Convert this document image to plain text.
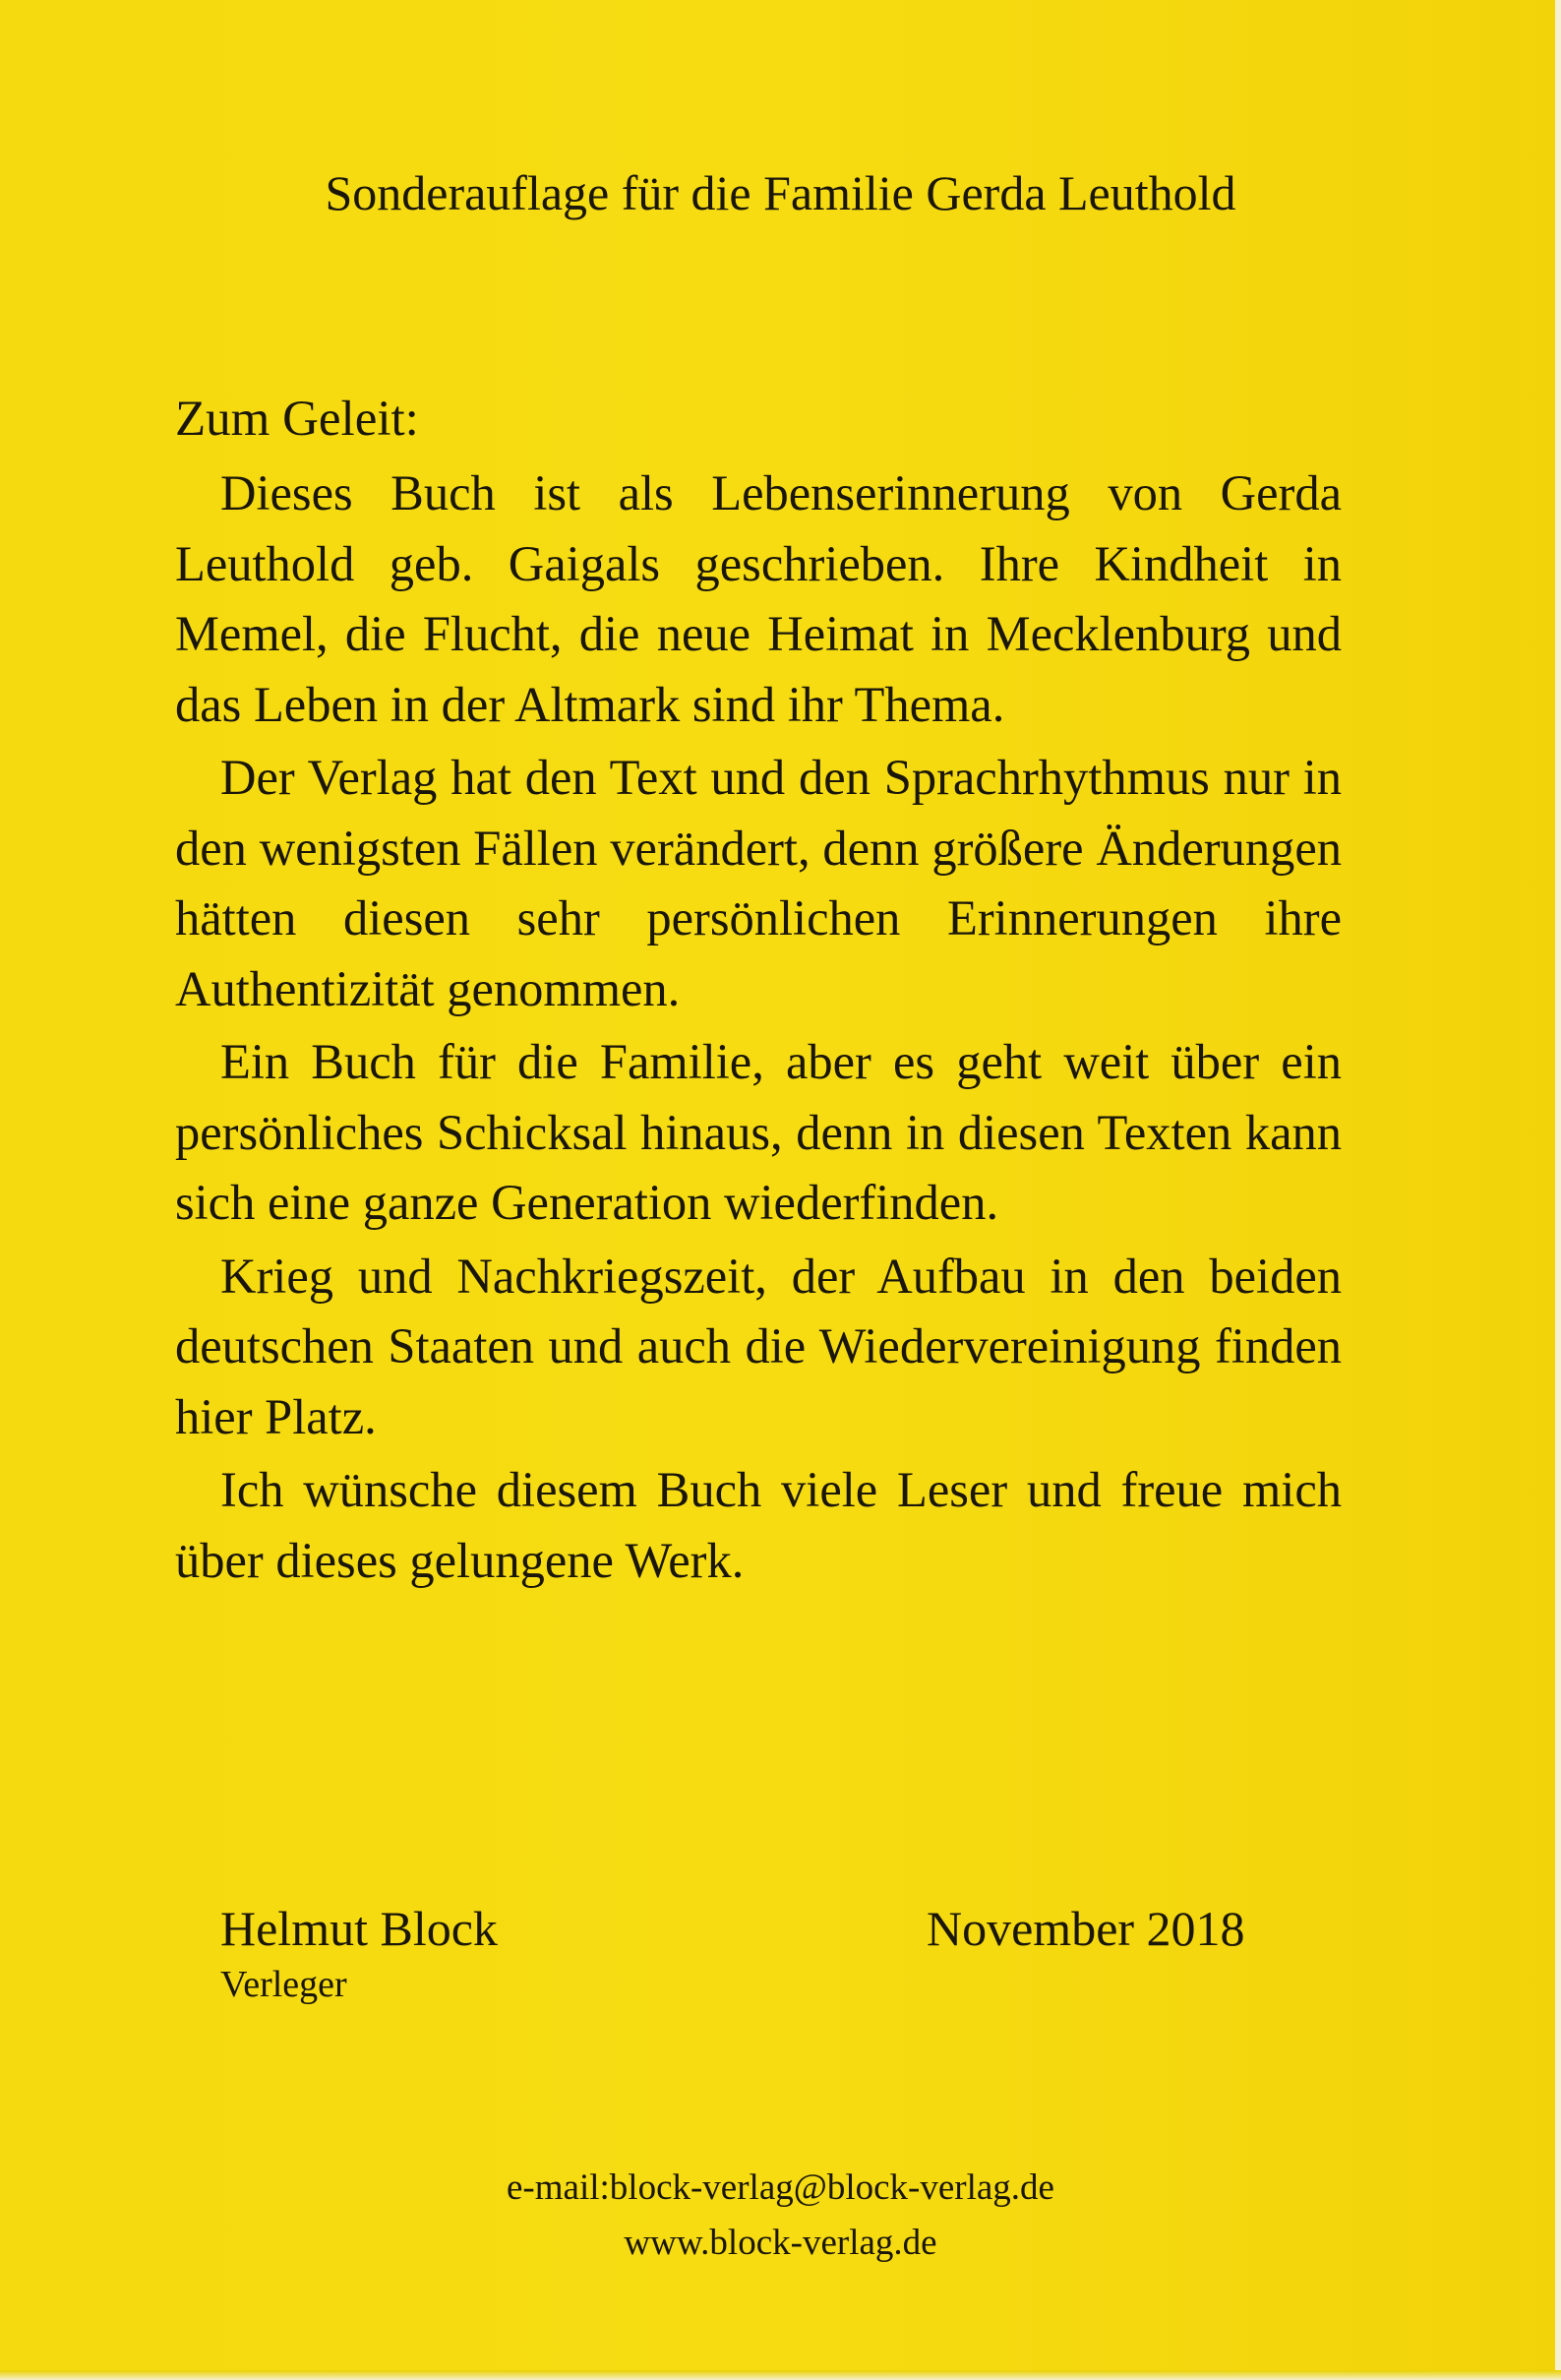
Sonderauflage für die Familie Gerda Leuthold
Zum Geleit:

Dieses Buch ist als Lebenserinnerung von Gerda Leuthold geb. Gaigals geschrieben. Ihre Kindheit in Memel, die Flucht, die neue Heimat in Mecklenburg und das Leben in der Altmark sind ihr Thema.

Der Verlag hat den Text und den Sprachrhythmus nur in den wenigsten Fällen verändert, denn größere Änderungen hätten diesen sehr persönlichen Erinnerungen ihre Authentizität genommen.

Ein Buch für die Familie, aber es geht weit über ein persönliches Schicksal hinaus, denn in diesen Texten kann sich eine ganze Generation wiederfinden.

Krieg und Nachkriegszeit, der Aufbau in den beiden deutschen Staaten und auch die Wiedervereinigung finden hier Platz.

Ich wünsche diesem Buch viele Leser und freue mich über dieses gelungene Werk.

Helmut Block
Verleger
November 2018
e-mail:block-verlag@block-verlag.de
www.block-verlag.de
